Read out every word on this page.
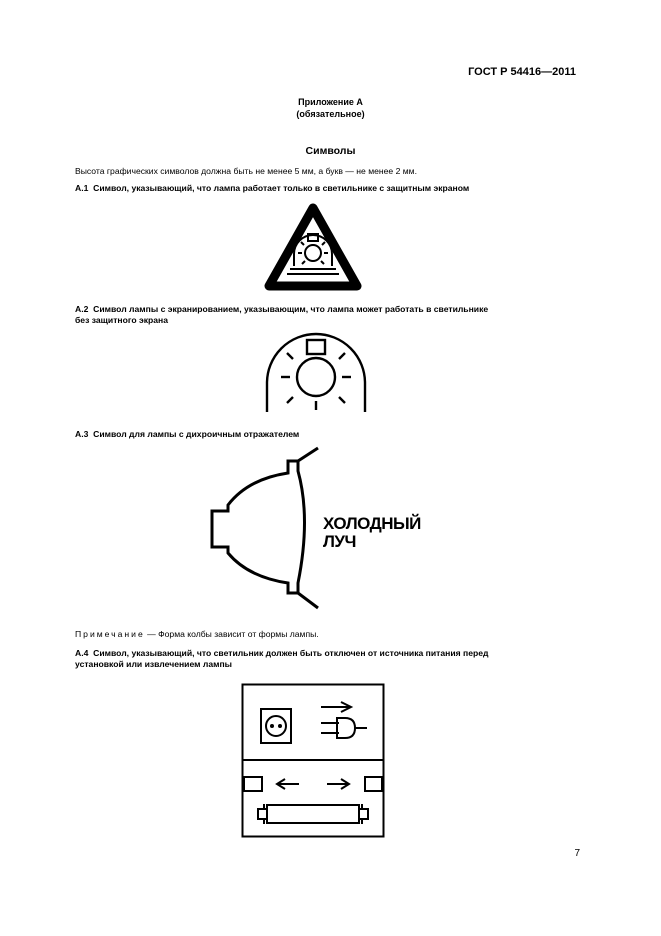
ГОСТ Р 54416—2011
Приложение А
(обязательное)
Символы
Высота графических символов должна быть не менее 5 мм, а букв — не менее 2 мм.
А.1 Символ, указывающий, что лампа работает только в светильнике с защитным экраном
А.2 Символ лампы с экранированием, указывающим, что лампа может работать в светильнике
без защитного экрана
А.3 Символ для лампы с дихроичным отражателем
ХОЛОДНЫЙ
ЛУЧ
Примечание — Форма колбы зависит от формы лампы.
А.4 Символ, указывающий, что светильник должен быть отключен от источника питания перед
установкой или извлечением лампы
7
